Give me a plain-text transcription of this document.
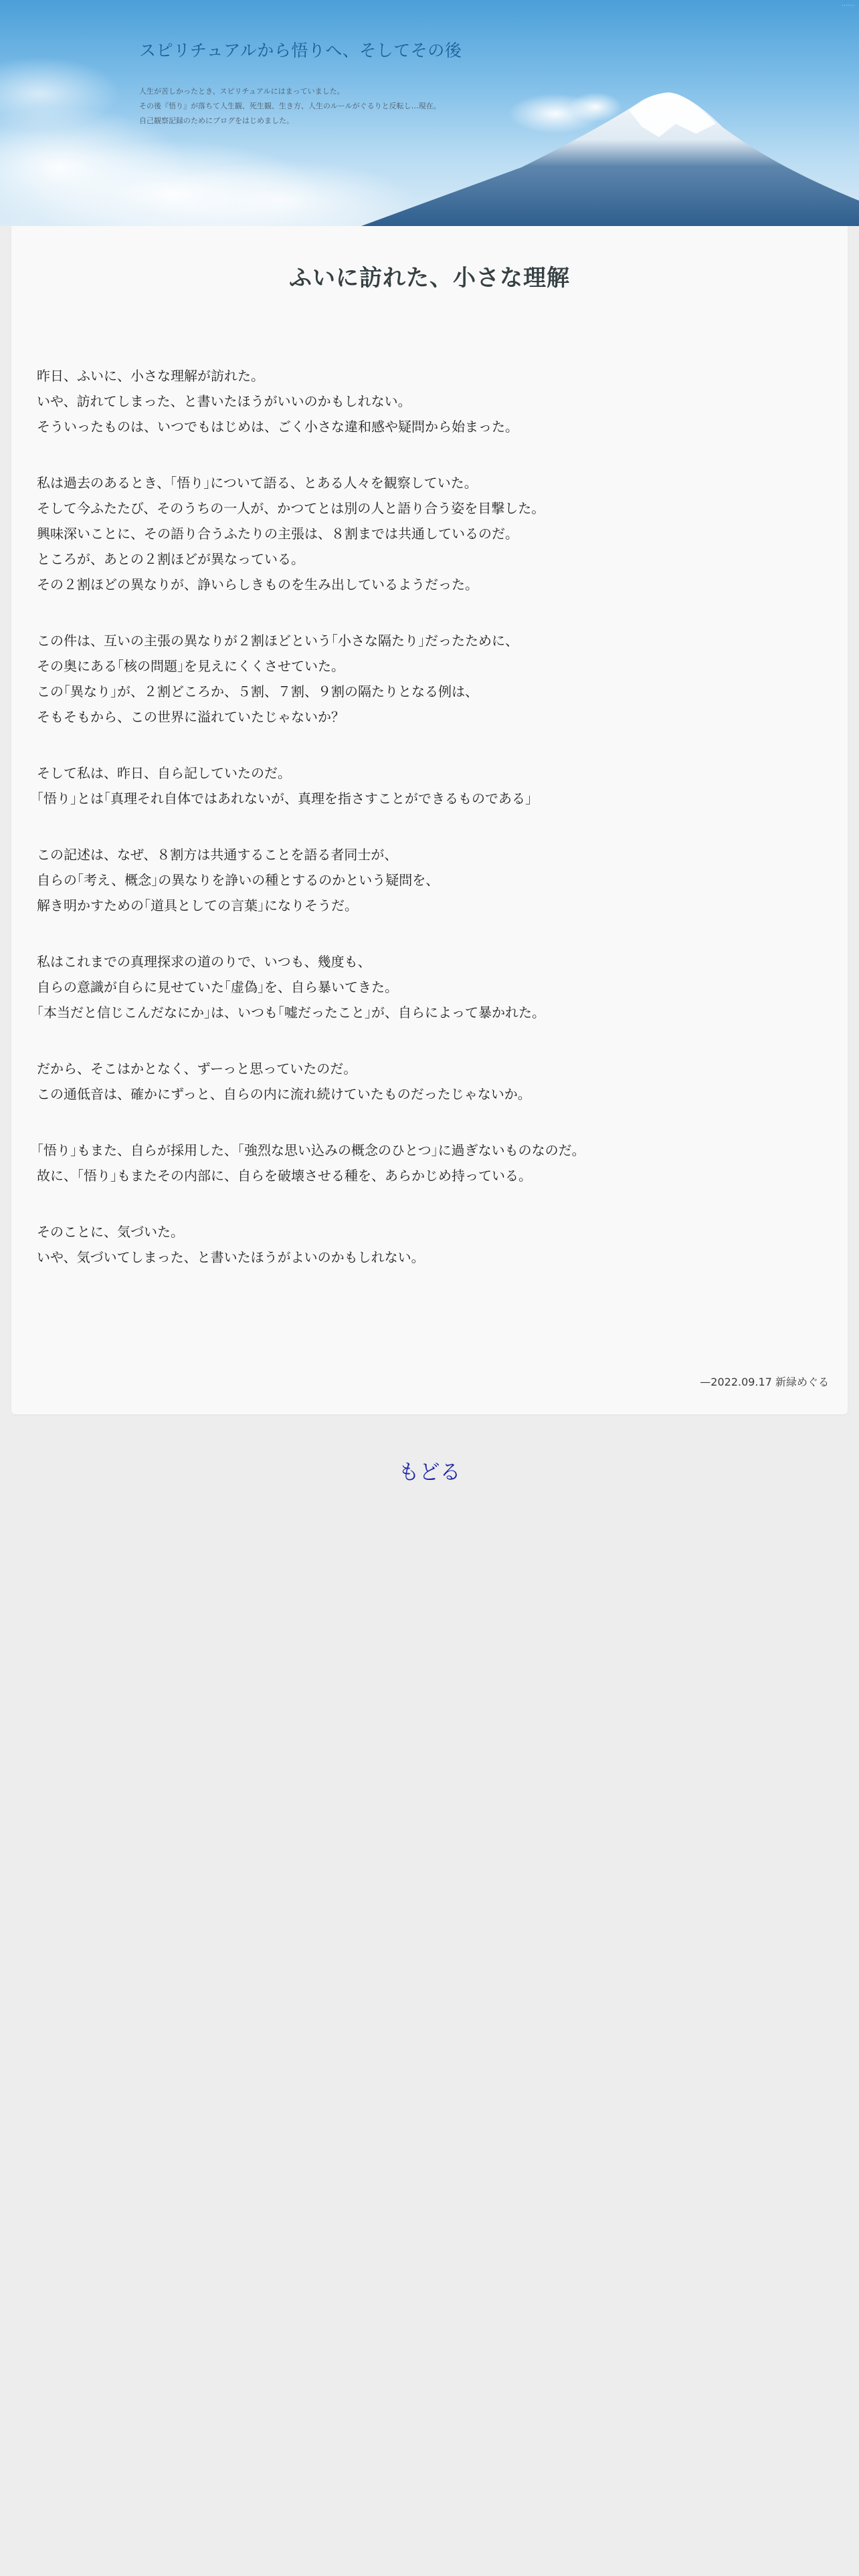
·······
スピリチュアルから悟りへ、そしてその後
人生が苦しかったとき、スピリチュアルにはまっていました。
その後『悟り』が落ちて人生観、死生観、生き方、人生のルールがぐるりと反転し…現在。
自己観察記録のためにブログをはじめました。
ふいに訪れた、小さな理解

昨日、ふいに、小さな理解が訪れた。
いや、訪れてしまった、と書いたほうがいいのかもしれない。
そういったものは、いつでもはじめは、ごく小さな違和感や疑問から始まった。

私は過去のあるとき、｢悟り｣について語る、とある人々を観察していた。
そして今ふたたび、そのうちの一人が、かつてとは別の人と語り合う姿を目撃した。
興味深いことに、その語り合うふたりの主張は、８割までは共通しているのだ。
ところが、あとの２割ほどが異なっている。
その２割ほどの異なりが、諍いらしきものを生み出しているようだった。

この件は、互いの主張の異なりが２割ほどという｢小さな隔たり｣だったために、
その奥にある｢核の問題｣を見えにくくさせていた。
この｢異なり｣が、２割どころか、５割、７割、９割の隔たりとなる例は、
そもそもから、この世界に溢れていたじゃないか？

そして私は、昨日、自ら記していたのだ。
｢悟り｣とは｢真理それ自体ではあれないが、真理を指さすことができるものである｣

この記述は、なぜ、８割方は共通することを語る者同士が、
自らの｢考え、概念｣の異なりを諍いの種とするのかという疑問を、
解き明かすための｢道具としての言葉｣になりそうだ。

私はこれまでの真理探求の道のりで、いつも、幾度も、
自らの意識が自らに見せていた｢虚偽｣を、自ら暴いてきた。
｢本当だと信じこんだなにか｣は、いつも｢嘘だったこと｣が、自らによって暴かれた。

だから、そこはかとなく、ずーっと思っていたのだ。
この通低音は、確かにずっと、自らの内に流れ続けていたものだったじゃないか。

｢悟り｣もまた、自らが採用した、｢強烈な思い込みの概念のひとつ｣に過ぎないものなのだ。
故に、｢悟り｣もまたその内部に、自らを破壊させる種を、あらかじめ持っている。

そのことに、気づいた。
いや、気づいてしまった、と書いたほうがよいのかもしれない。

—2022.09.17 新緑めぐる
もどる
